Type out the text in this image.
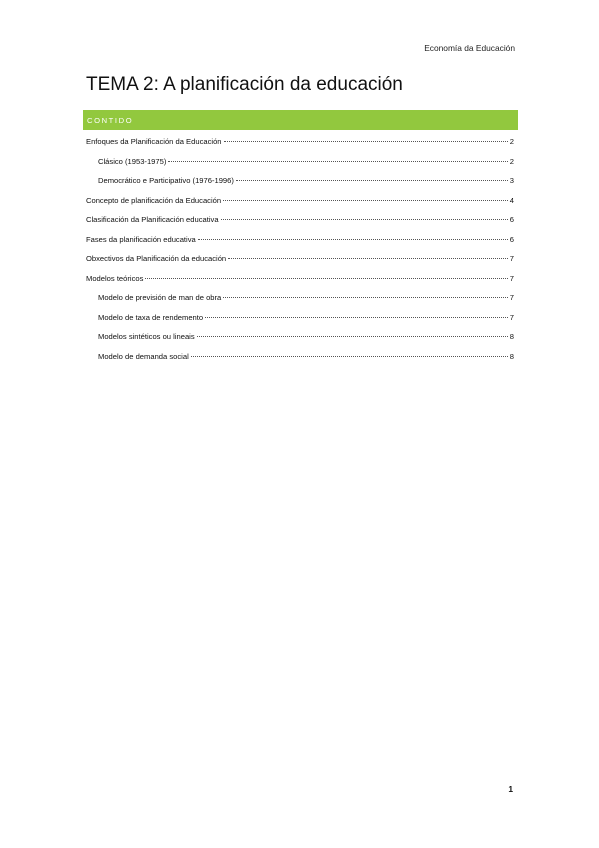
Economía da Educación
TEMA 2: A planificación da educación
CONTIDO
Enfoques da Planificación da Educación	2
Clásico (1953-1975)	2
Democrático e Participativo (1976-1996)	3
Concepto de planificación da Educación	4
Clasificación da Planificación educativa	6
Fases da planificación educativa	6
Obxectivos da Planificación da educación	7
Modelos teóricos	7
Modelo de previsión de man de obra	7
Modelo de taxa de rendemento	7
Modelos sintéticos ou lineais	8
Modelo de demanda social	8
1
